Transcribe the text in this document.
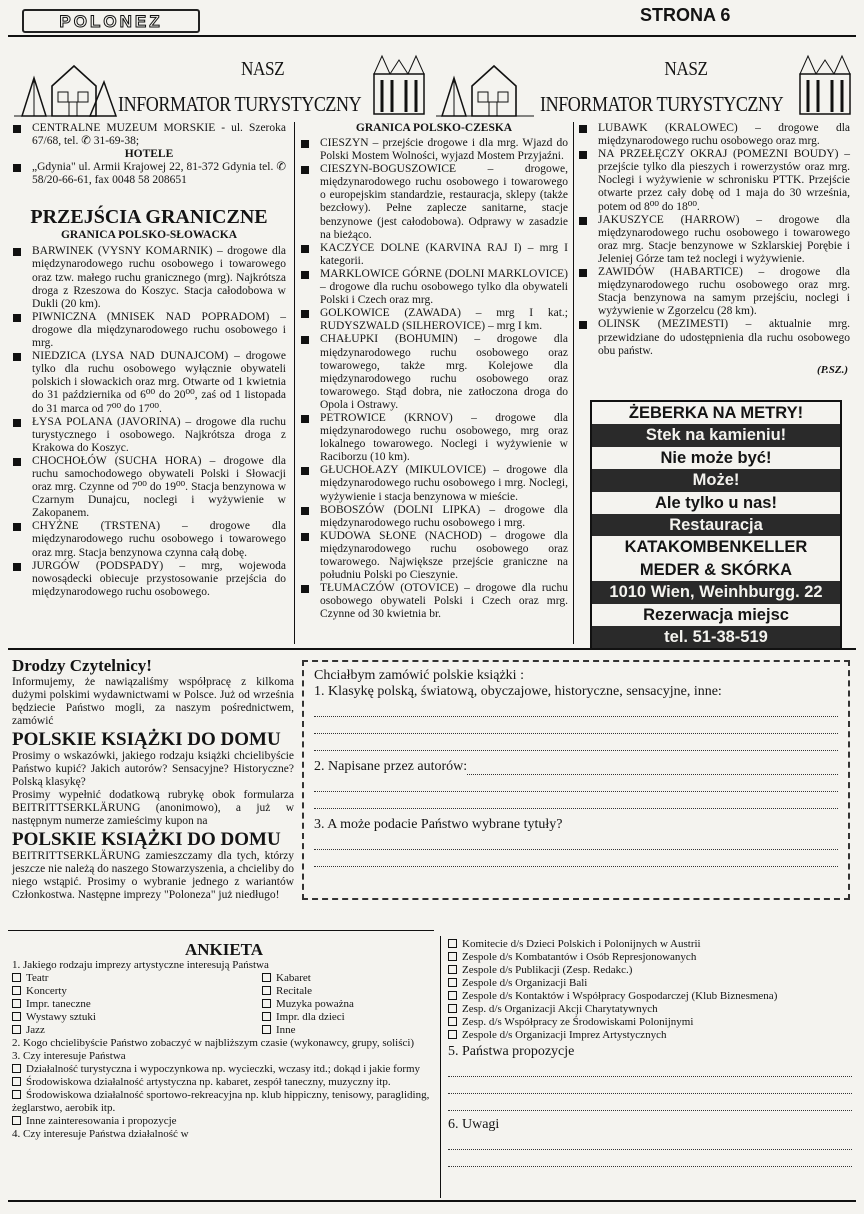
POLONEZ	STRONA 6
NASZ
INFORMATOR TURYSTYCZNY
NASZ
INFORMATOR TURYSTYCZNY
CENTRALNE MUZEUM MORSKIE - ul. Szeroka 67/68, tel. ✆ 31-69-38;
HOTELE
„Gdynia" ul. Armii Krajowej 22, 81-372 Gdynia tel. ✆ 58/20-66-61, fax 0048 58 208651
PRZEJŚCIA GRANICZNE
GRANICA POLSKO-SŁOWACKA
BARWINEK (VYSNY KOMARNIK) – drogowe dla międzynarodowego ruchu osobowego i towarowego oraz tzw. małego ruchu granicznego (mrg). Najkrótsza droga z Rzeszowa do Koszyc. Stacja całodobowa w Dukli (20 km).
PIWNICZNA (MNISEK NAD POPRADOM) – drogowe dla międzynarodowego ruchu osobowego i mrg.
NIEDZICA (LYSA NAD DUNAJCOM) – drogowe tylko dla ruchu osobowego wyłącznie obywateli polskich i słowackich oraz mrg. Otwarte od 1 kwietnia do 31 października od 6⁰⁰ do 20⁰⁰, zaś od 1 listopada do 31 marca od 7⁰⁰ do 17⁰⁰.
ŁYSA POLANA (JAVORINA) – drogowe dla ruchu turystycznego i osobowego. Najkrótsza droga z Krakowa do Koszyc.
CHOCHOŁÓW (SUCHA HORA) – drogowe dla ruchu samochodowego obywateli Polski i Słowacji oraz mrg. Czynne od 7⁰⁰ do 19⁰⁰. Stacja benzynowa w Czarnym Dunajcu, noclegi i wyżywienie w Zakopanem.
CHYŻNE (TRSTENA) – drogowe dla międzynarodowego ruchu osobowego i towarowego oraz mrg. Stacja benzynowa czynna całą dobę.
JURGÓW (PODSPADY) – mrg, wojewoda nowosądecki obiecuje przystosowanie przejścia do międzynarodowego ruchu osobowego.
GRANICA POLSKO-CZESKA
CIESZYN – przejście drogowe i dla mrg. Wjazd do Polski Mostem Wolności, wyjazd Mostem Przyjaźni.
CIESZYN-BOGUSZOWICE – drogowe, międzynarodowego ruchu osobowego i towarowego o europejskim standardzie, restauracja, sklepy (także bezcłowy). Pełne zaplecze sanitarne, stacje benzynowe (jest całodobowa). Odprawy w zasadzie na bieżąco.
KACZYCE DOLNE (KARVINA RAJ I) – mrg I kategorii.
MARKLOWICE GÓRNE (DOLNI MARKLOVICE) – drogowe dla ruchu osobowego tylko dla obywateli Polski i Czech oraz mrg.
GOLKOWICE (ZAWADA) – mrg I kat.; RUDYSZWALD (SILHEROVICE) – mrg I km.
CHAŁUPKI (BOHUMIN) – drogowe dla międzynarodowego ruchu osobowego oraz towarowego, także mrg. Kolejowe dla międzynarodowego ruchu osobowego oraz towarowego. Stąd dobra, nie zatłoczona droga do Opola i Ostrawy.
PETROWICE (KRNOV) – drogowe dla międzynarodowego ruchu osobowego, mrg oraz lokalnego towarowego. Noclegi i wyżywienie w Raciborzu (10 km).
GŁUCHOŁAZY (MIKULOVICE) – drogowe dla międzynarodowego ruchu osobowego i mrg. Noclegi, wyżywienie i stacja benzynowa w mieście.
BOBOSZÓW (DOLNI LIPKA) – drogowe dla międzynarodowego ruchu osobowego i mrg.
KUDOWA SŁONE (NACHOD) – drogowe dla międzynarodowego ruchu osobowego oraz towarowego. Największe przejście graniczne na południu Polski po Cieszynie.
TŁUMACZÓW (OTOVICE) – drogowe dla ruchu osobowego obywateli Polski i Czech oraz mrg. Czynne od 30 kwietnia br.
LUBAWK (KRALOWEC) – drogowe dla międzynarodowego ruchu osobowego oraz mrg.
NA PRZEŁĘCZY OKRAJ (POMEZNI BOUDY) – przejście tylko dla pieszych i rowerzystów oraz mrg. Noclegi i wyżywienie w schronisku PTTK. Przejście otwarte przez cały dobę od 1 maja do 30 września, potem od 8⁰⁰ do 18⁰⁰.
JAKUSZYCE (HARROW) – drogowe dla międzynarodowego ruchu osobowego i towarowego oraz mrg. Stacje benzynowe w Szklarskiej Porębie i Jeleniej Górze tam też noclegi i wyżywienie.
ZAWIDÓW (HABARTICE) – drogowe dla międzynarodowego ruchu osobowego oraz mrg. Stacja benzynowa na samym przejściu, noclegi i wyżywienie w Zgorzelcu (28 km).
OLINSK (MEZIMESTI) – aktualnie mrg. przewidziane do udostępnienia dla ruchu osobowego obu państw.
(P.SZ.)
ŻEBERKA NA METRY!
Stek na kamieniu!
Nie może być!
Może!
Ale tylko u nas!
Restauracja
KATAKOMBENKELLER
MEDER & SKÓRKA
1010 Wien, Weinhburgg. 22
Rezerwacja miejsc
tel. 51-38-519
Drodzy Czytelnicy!

Informujemy, że nawiązaliśmy współpracę z kilkoma dużymi polskimi wydawnictwami w Polsce. Już od września będziecie Państwo mogli, za naszym pośrednictwem, zamówić

POLSKIE KSIĄŻKI DO DOMU

Prosimy o wskazówki, jakiego rodzaju książki chcielibyście Państwo kupić? Jakich autorów? Sensacyjne? Historyczne? Polską klasykę?

Prosimy wypełnić dodatkową rubrykę obok formularza BEITRITTSERKLÄRUNG (anonimowo), a już w następnym numerze zamieścimy kupon na

POLSKIE KSIĄŻKI DO DOMU

BEITRITTSERKLÄRUNG zamieszczamy dla tych, którzy jeszcze nie należą do naszego Stowarzyszenia, a chcieliby do niego wstąpić. Prosimy o wybranie jednego z wariantów Członkostwa. Następne imprezy "Poloneza" już niedługo!

Chciałbym zamówić polskie książki :
1. Klasykę polską, światową, obyczajowe, historyczne, sensacyjne, inne:
2. Napisane przez autorów:
3. A może podacie Państwo wybrane tytuły?
ANKIETA
1. Jakiego rodzaju imprezy artystyczne interesują Państwa
Teatr
Koncerty
Impr. taneczne
Wystawy sztuki
Jazz
Kabaret
Recitale
Muzyka poważna
Impr. dla dzieci
Inne
2. Kogo chcielibyście Państwo zobaczyć w najbliższym czasie (wykonawcy, grupy, soliści)
3. Czy interesuje Państwa
Działalność turystyczna i wypoczynkowa np. wycieczki, wczasy itd.; dokąd i jakie formy
Środowiskowa działalność artystyczna np. kabaret, zespół taneczny, muzyczny itp.
Środowiskowa działalność sportowo-rekreacyjna np. klub hippiczny, tenisowy, paragliding, żeglarstwo, aerobik itp.
Inne zainteresowania i propozycje
4. Czy interesuje Państwa działalność w
Komitecie d/s Dzieci Polskich i Polonijnych w Austrii
Zespole d/s Kombatantów i Osób Represjonowanych
Zespole d/s Publikacji (Zesp. Redakc.)
Zespole d/s Organizacji Bali
Zespole d/s Kontaktów i Współpracy Gospodarczej (Klub Biznesmena)
Zesp. d/s Organizacji Akcji Charytatywnych
Zesp. d/s Współpracy ze Środowiskami Polonijnymi
Zespole d/s Organizacji Imprez Artystycznych
5. Państwa propozycje
6. Uwagi
